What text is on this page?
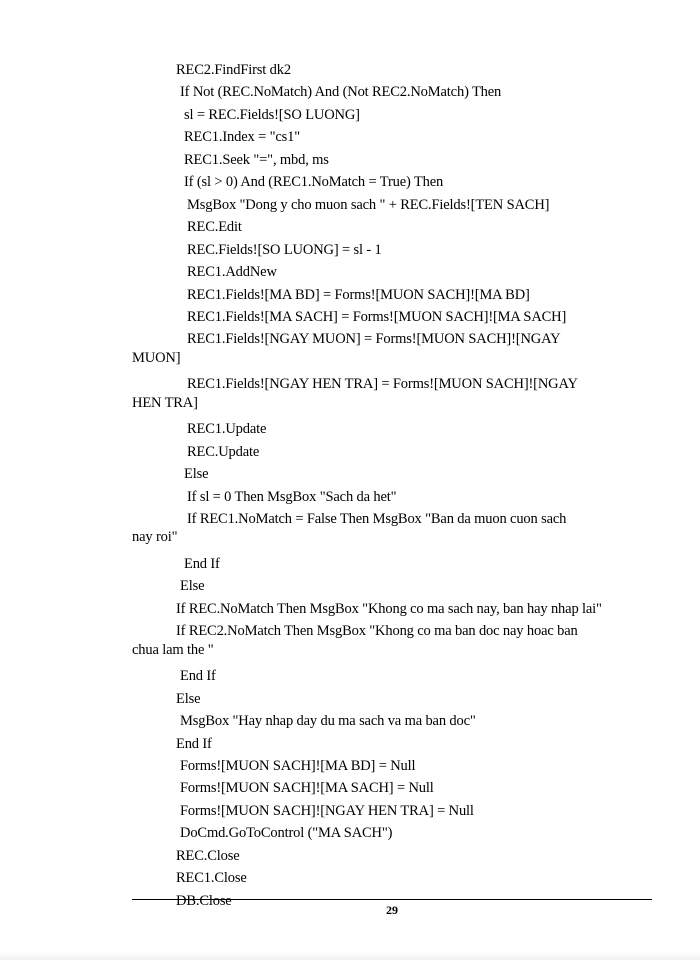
REC2.FindFirst dk2
If Not (REC.NoMatch) And (Not REC2.NoMatch) Then
sl = REC.Fields![SO LUONG]
REC1.Index = "cs1"
REC1.Seek "=", mbd, ms
If (sl > 0) And (REC1.NoMatch = True) Then
MsgBox "Dong y cho muon sach " + REC.Fields![TEN SACH]
REC.Edit
REC.Fields![SO LUONG] = sl - 1
REC1.AddNew
REC1.Fields![MA BD] = Forms![MUON SACH]![MA BD]
REC1.Fields![MA SACH] = Forms![MUON SACH]![MA SACH]
REC1.Fields![NGAY MUON] = Forms![MUON SACH]![NGAY
MUON]
REC1.Fields![NGAY HEN TRA] = Forms![MUON SACH]![NGAY
HEN TRA]
REC1.Update
REC.Update
Else
If sl = 0 Then MsgBox "Sach da het"
If REC1.NoMatch = False Then MsgBox "Ban da muon cuon sach
nay roi"
End If
Else
If REC.NoMatch Then MsgBox "Khong co ma sach nay, ban hay nhap lai"
If REC2.NoMatch Then MsgBox "Khong co ma ban doc nay hoac ban
chua lam the "
End If
Else
MsgBox "Hay nhap day du ma sach va ma ban doc"
End If
Forms![MUON SACH]![MA BD] = Null
Forms![MUON SACH]![MA SACH] = Null
Forms![MUON SACH]![NGAY HEN TRA] = Null
DoCmd.GoToControl ("MA SACH")
REC.Close
REC1.Close
DB.Close
29
